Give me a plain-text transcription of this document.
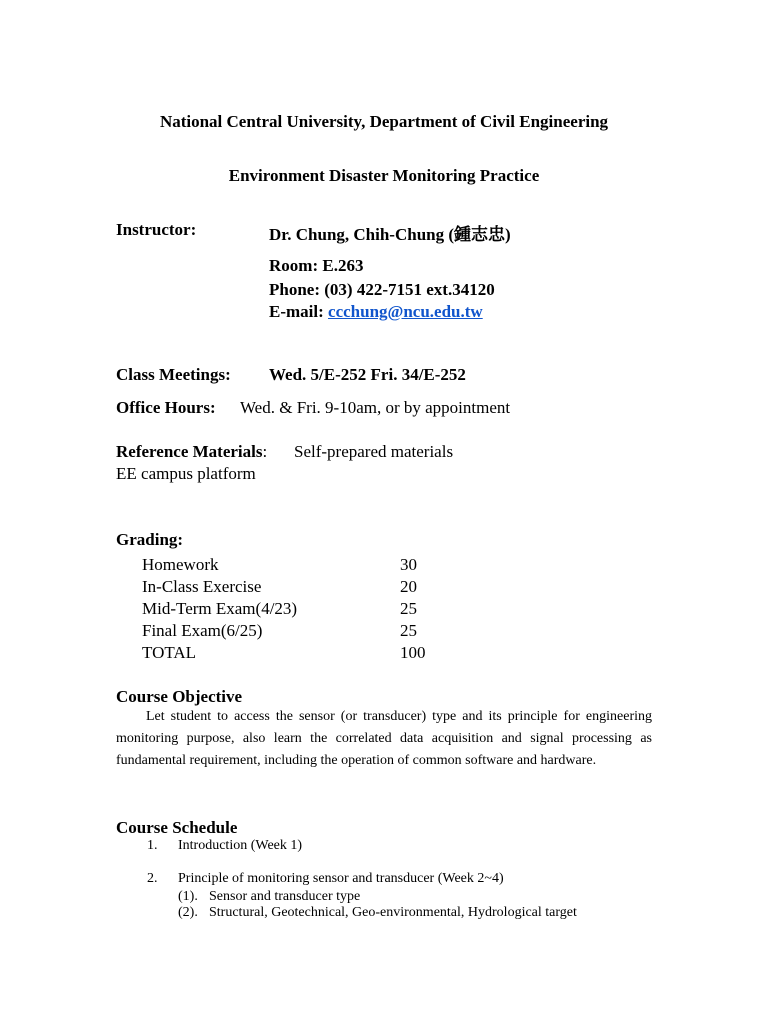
National Central University, Department of Civil Engineering
Environment Disaster Monitoring Practice
Instructor:	Dr. Chung, Chih-Chung (鍾志忠)
Room: E.263
Phone: (03) 422-7151 ext.34120
E-mail: ccchung@ncu.edu.tw
Class Meetings: Wed. 5/E-252 Fri. 34/E-252
Office Hours: Wed. & Fri. 9-10am, or by appointment
Reference Materials: Self-prepared materials
EE campus platform
Grading:
Homework	30
In-Class Exercise	20
Mid-Term Exam(4/23)	25
Final Exam(6/25)	25
TOTAL	100
Course Objective
Let student to access the sensor (or transducer) type and its principle for engineering monitoring purpose, also learn the correlated data acquisition and signal processing as fundamental requirement, including the operation of common software and hardware.
Course Schedule
1. Introduction (Week 1)
2. Principle of monitoring sensor and transducer (Week 2~4)
(1). Sensor and transducer type
(2). Structural, Geotechnical, Geo-environmental, Hydrological target
